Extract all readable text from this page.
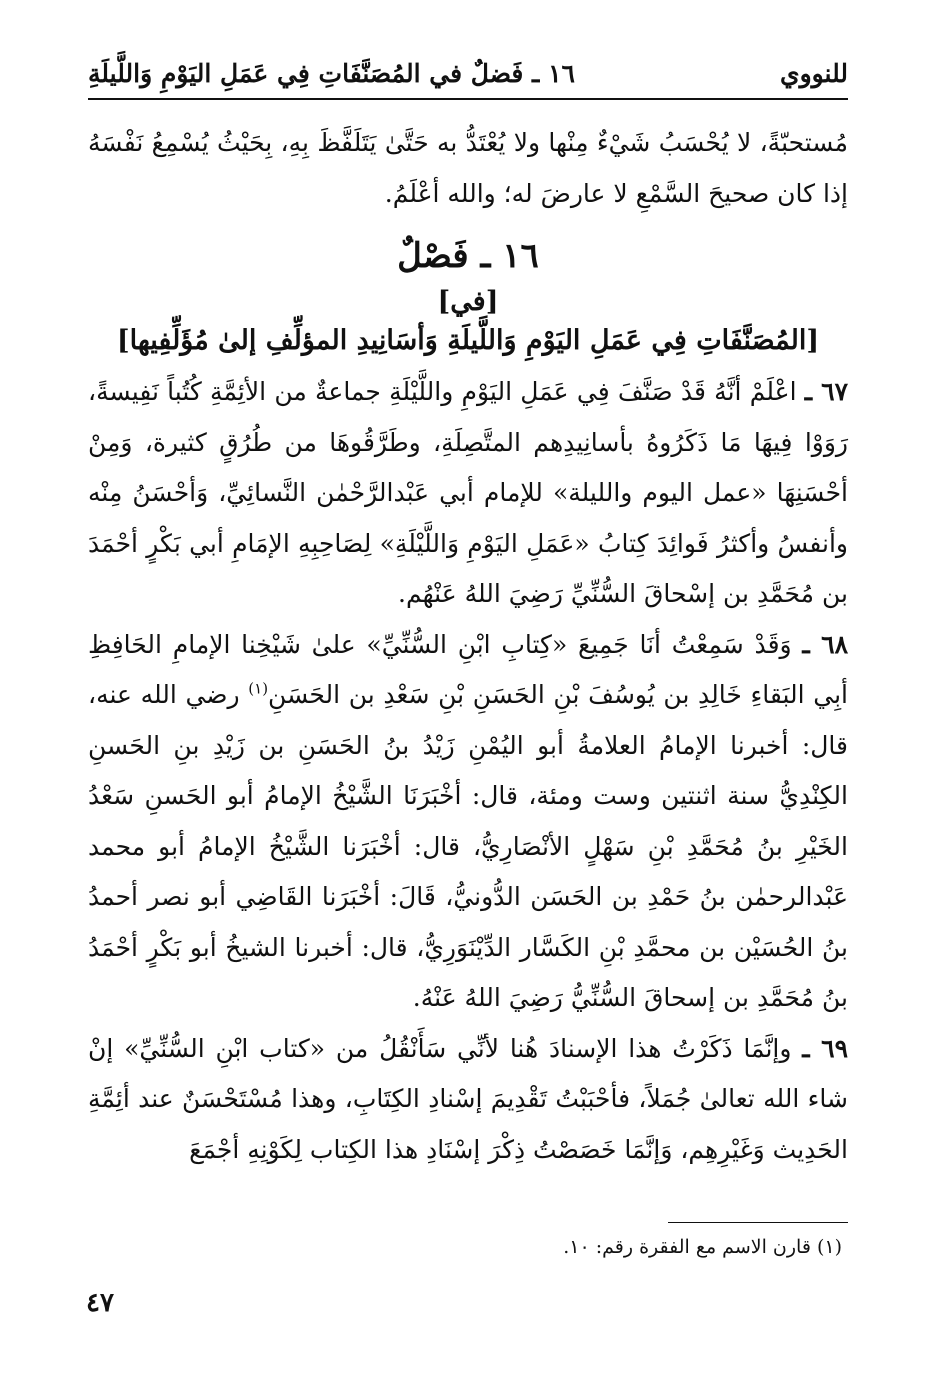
للنووي
١٦ ـ فَضلٌ في المُصَنَّفَاتِ فِي عَمَلِ اليَوْمِ وَاللَّيلَةِ

مُستحبّةً، لا يُحْسَبُ شَيْءٌ مِنْها ولا يُعْتَدُّ به حَتَّىٰ يَتَلَفَّظَ بِهِ، بِحَيْثُ يُسْمِعُ نَفْسَهُ إذا كان صحيحَ السَّمْعِ لا عارضَ له؛ والله أعْلَمُ.

١٦ ـ فَصْلٌ

[في]

[المُصَنَّفَاتِ فِي عَمَلِ اليَوْمِ وَاللَّيلَةِ وَأسَانِيدِ المؤلِّفِ إلىٰ مُؤَلِّفِيها]

٦٧ ـ اعْلَمْ أنَّهُ قَدْ صَنَّفَ فِي عَمَلِ اليَوْمِ واللَّيْلَةِ جماعةٌ من الأئِمَّةِ كُتُباً نَفِيسةً، رَوَوْا فِيهَا مَا ذَكَرُوهُ بأسانِيدِهم المتَّصِلَةِ، وطَرَّقُوهَا من طُرُقٍ كثيرة، وَمِنْ أحْسَنِهَا «عمل اليوم والليلة» للإمام أبي عَبْدالرَّحْمٰن النَّسائِيِّ، وَأحْسَنُ مِنْه وأنفسُ وأكثرُ فَوائِدَ كِتابُ «عَمَلِ اليَوْمِ وَاللَّيْلَةِ» لِصَاحِبِهِ الإمَامِ أبي بَكْرٍ أحْمَدَ بن مُحَمَّدِ بن إسْحاقَ السُّنِّيِّ رَضِيَ اللهُ عَنْهُم.

٦٨ ـ وَقَدْ سَمِعْتُ أنَا جَمِيعَ «كِتابِ ابْنِ السُّنِّيِّ» علىٰ شَيْخِنا الإمامِ الحَافِظِ أبِي البَقاءِ خَالِدِ بن يُوسُفَ بْنِ الحَسَنِ بْنِ سَعْدِ بن الحَسَنِ$^{(١)}$ رضي الله عنه، قال: أخبرنا الإمامُ العلامةُ أبو اليُمْنِ زَيْدُ بنُ الحَسَنِ بن زَيْدِ بنِ الحَسنِ الكِنْدِيُّ سنة اثنتين وست ومئة، قال: أخْبَرَنَا الشَّيْخُ الإمامُ أبو الحَسنِ سَعْدُ الخَيْرِ بنُ مُحَمَّدِ بْنِ سَهْلٍ الأنْصَارِيُّ، قال: أخْبَرَنا الشَّيْخُ الإمامُ أبو محمد عَبْدالرحمٰن بنُ حَمْدِ بن الحَسَن الدُّونيُّ، قَالَ: أخْبَرَنا القَاضِي أبو نصر أحمدُ بنُ الحُسَيْن بن محمَّدِ بْنِ الكَسَّار الدِّيْنَوَرِيُّ، قال: أخبرنا الشيخُ أبو بَكْرٍ أحْمَدُ بنُ مُحَمَّدِ بن إسحاقَ السُّنِّيُّ رَضِيَ اللهُ عَنْهُ.

٦٩ ـ وإنَّمَا ذَكَرْتُ هذا الإسنادَ هُنا لأنِّي سَأَنْقُلُ من «كتاب ابْنِ السُّنِّيِّ» إنْ شاء الله تعالىٰ جُمَلاً، فأحْبَبْتُ تَقْدِيمَ إسْنادِ الكِتَابِ، وهذا مُسْتَحْسَنٌ عند أئِمَّةِ الحَدِيث وَغَيْرِهِم، وَإنَّمَا خَصَصْتُ ذِكْرَ إسْنَادِ هذا الكِتاب لِكَوْنِهِ أجْمَعَ

(١) قارن الاسم مع الفقرة رقم: ١٠.
٤٧
